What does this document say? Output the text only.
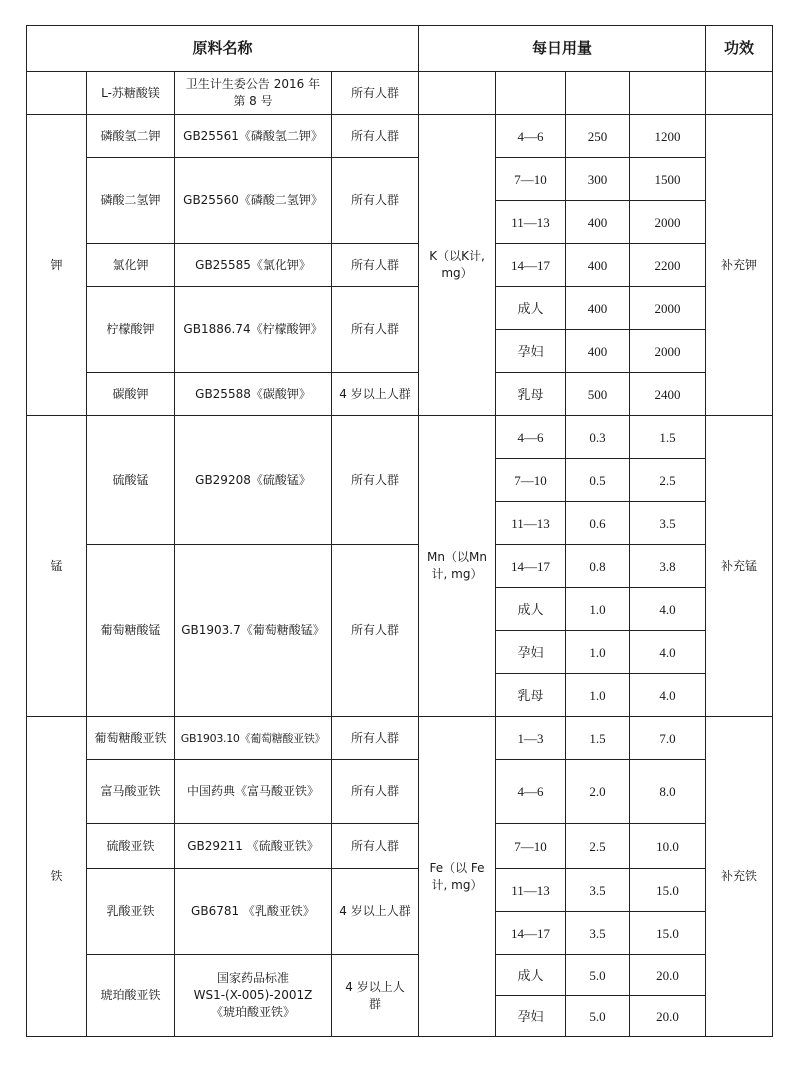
原料名称				每日用量				功效
	L-苏糖酸镁	卫生计生委公告 2016 年
第 8 号	所有人群					
钾	磷酸氢二钾	GB25561《磷酸氢二钾》	所有人群	K（以K计, mg）	4—6	250	1200	补充钾
	磷酸二氢钾	GB25560《磷酸二氢钾》	所有人群		7—10	300	1500	
					11—13	400	2000	
	氯化钾	GB25585《氯化钾》	所有人群		14—17	400	2200	
	柠檬酸钾	GB1886.74《柠檬酸钾》	所有人群		成人	400	2000	
					孕妇	400	2000	
	碳酸钾	GB25588《碳酸钾》	4 岁以上人群		乳母	500	2400	
锰	硫酸锰	GB29208《硫酸锰》	所有人群	Mn（以Mn
计, mg）	4—6	0.3	1.5	补充锰
					7—10	0.5	2.5	
					11—13	0.6	3.5	
	葡萄糖酸锰	GB1903.7《葡萄糖酸锰》	所有人群		14—17	0.8	3.8	
					成人	1.0	4.0	
					孕妇	1.0	4.0	
					乳母	1.0	4.0	
铁	葡萄糖酸亚铁	GB1903.10《葡萄糖酸亚铁》	所有人群	Fe（以 Fe
计, mg）	1—3	1.5	7.0	补充铁
	富马酸亚铁	中国药典《富马酸亚铁》	所有人群		4—6	2.0	8.0	
	硫酸亚铁	GB29211 《硫酸亚铁》	所有人群		7—10	2.5	10.0	
	乳酸亚铁	GB6781 《乳酸亚铁》	4 岁以上人群		11—13	3.5	15.0	
					14—17	3.5	15.0	
	琥珀酸亚铁	国家药品标准
WS1-(X-005)-2001Z
《琥珀酸亚铁》	4 岁以上人
群		成人	5.0	20.0	
					孕妇	5.0	20.0	
